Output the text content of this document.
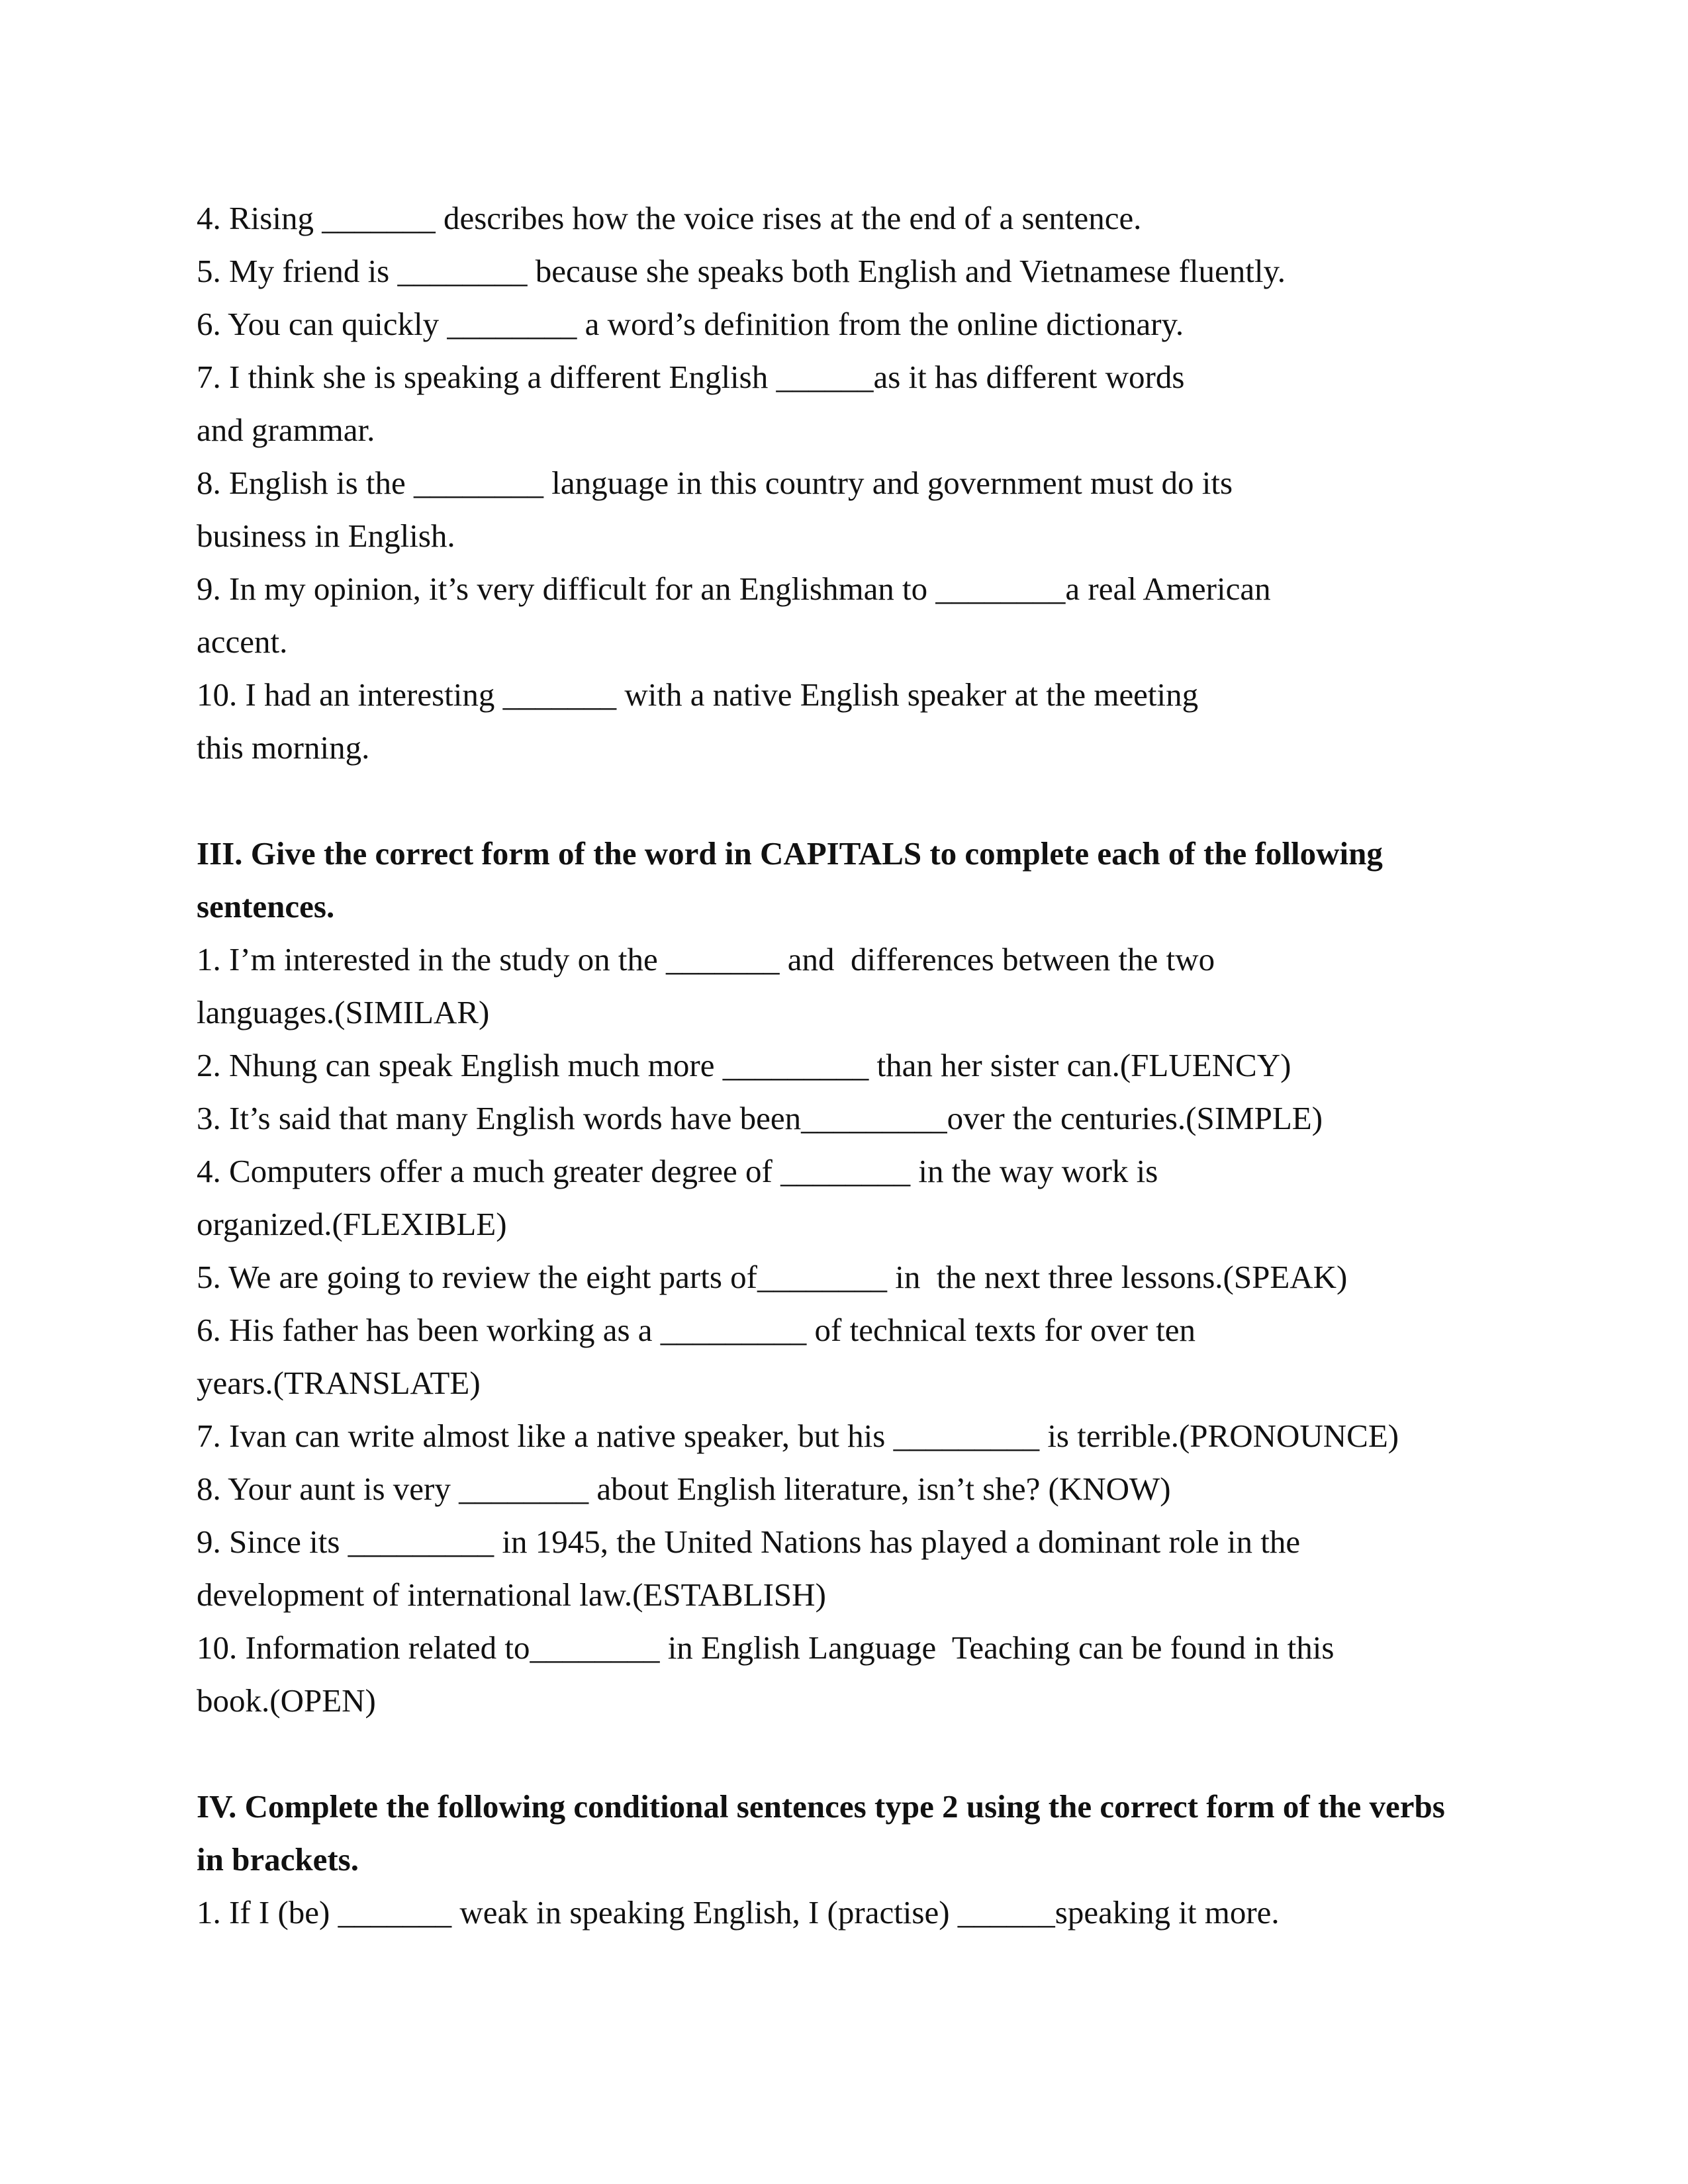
4. Rising _______ describes how the voice rises at the end of a sentence.
5. My friend is ________ because she speaks both English and Vietnamese fluently.
6. You can quickly ________ a word’s definition from the online dictionary.
7. I think she is speaking a different English ______as it has different words
and grammar.
8. English is the ________ language in this country and government must do its
business in English.
9. In my opinion, it’s very difficult for an Englishman to ________a real American
accent.
10. I had an interesting _______ with a native English speaker at the meeting
this morning.
III. Give the correct form of the word in CAPITALS to complete each of the following
sentences.
1. I’m interested in the study on the _______ and  differences between the two
languages.(SIMILAR)
2. Nhung can speak English much more _________ than her sister can.(FLUENCY)
3. It’s said that many English words have been_________over the centuries.(SIMPLE)
4. Computers offer a much greater degree of ________ in the way work is
organized.(FLEXIBLE)
5. We are going to review the eight parts of________ in  the next three lessons.(SPEAK)
6. His father has been working as a _________ of technical texts for over ten
years.(TRANSLATE)
7. Ivan can write almost like a native speaker, but his _________ is terrible.(PRONOUNCE)
8. Your aunt is very ________ about English literature, isn’t she? (KNOW)
9. Since its _________ in 1945, the United Nations has played a dominant role in the
development of international law.(ESTABLISH)
10. Information related to________ in English Language  Teaching can be found in this
book.(OPEN)
IV. Complete the following conditional sentences type 2 using the correct form of the verbs
in brackets.
1. If I (be) _______ weak in speaking English, I (practise) ______speaking it more.
